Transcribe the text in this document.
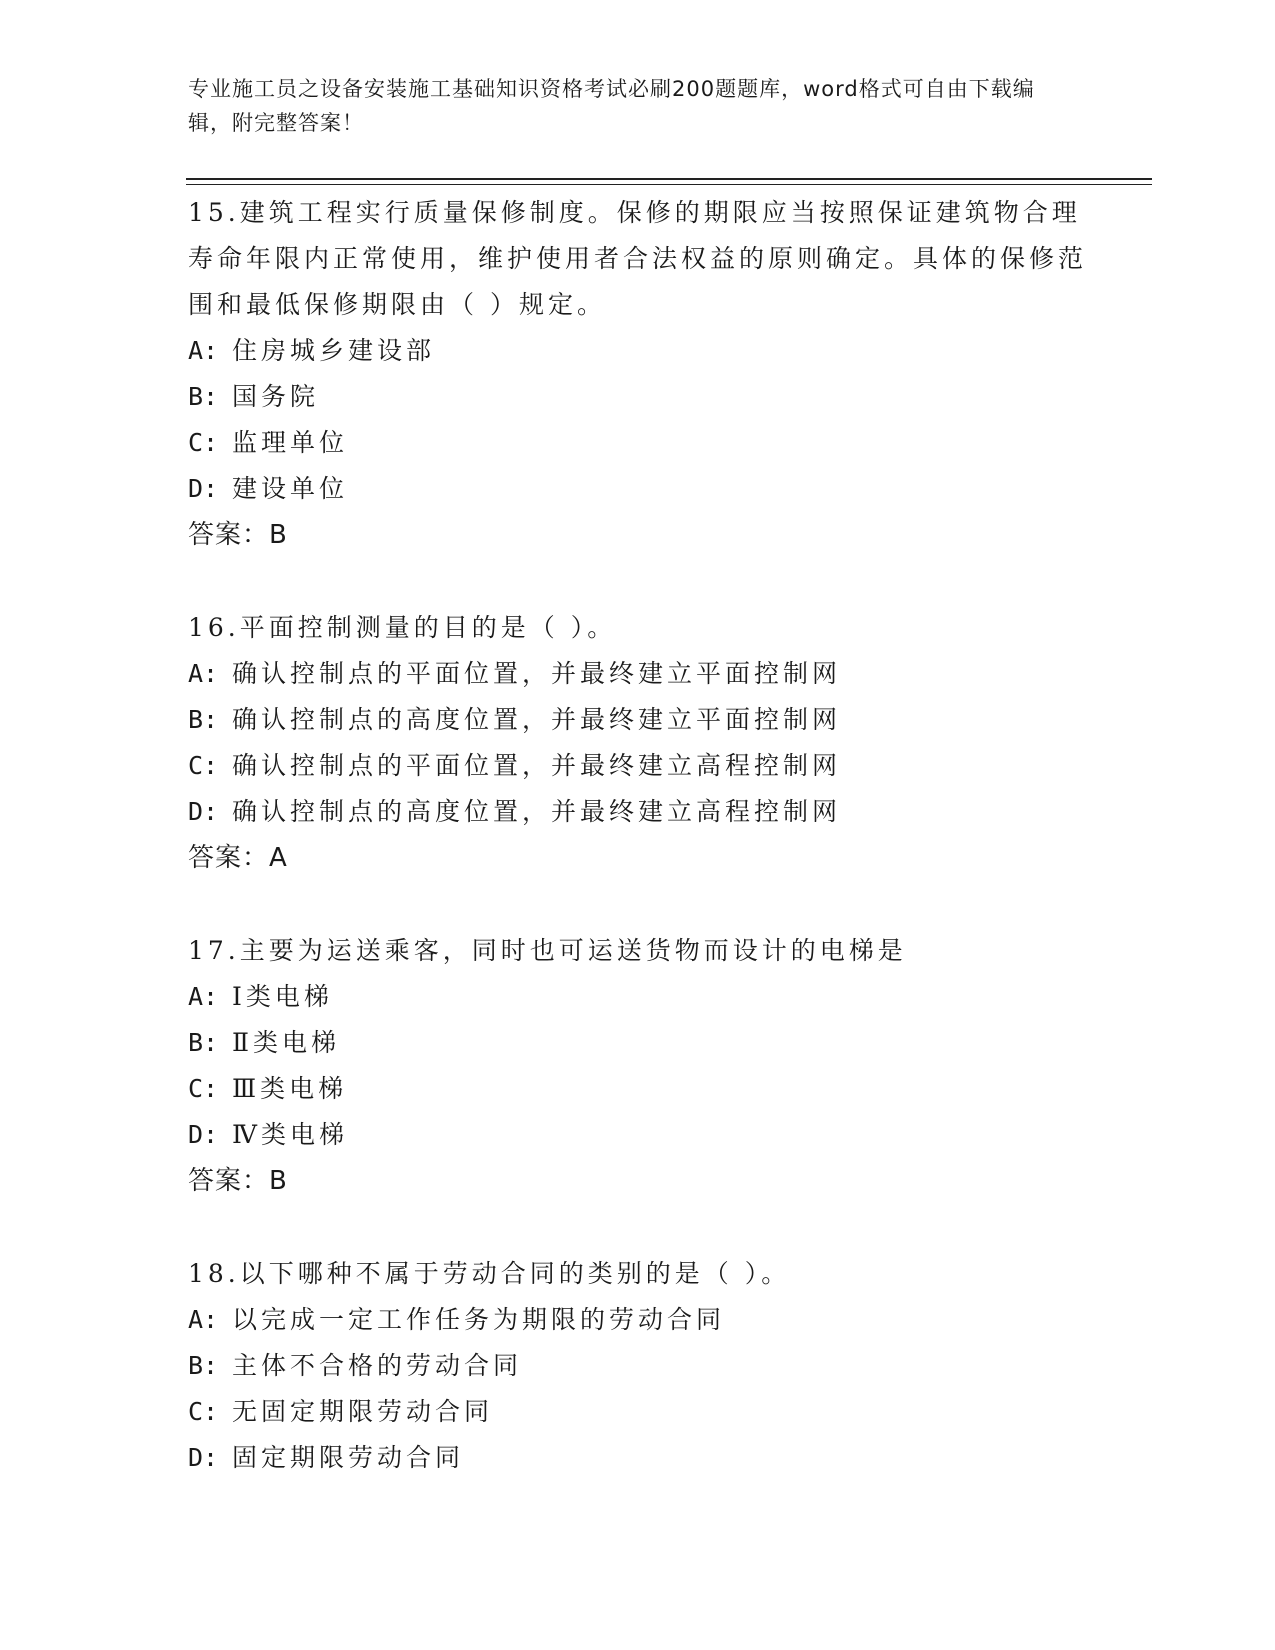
专业施工员之设备安装施工基础知识资格考试必刷200题题库，word格式可自由下载编辑，附完整答案！
15.建筑工程实行质量保修制度。保修的期限应当按照保证建筑物合理寿命年限内正常使用，维护使用者合法权益的原则确定。具体的保修范围和最低保修期限由（ ）规定。
A: 住房城乡建设部
B: 国务院
C: 监理单位
D: 建设单位
答案：B
16.平面控制测量的目的是（ ）。
A: 确认控制点的平面位置，并最终建立平面控制网
B: 确认控制点的高度位置，并最终建立平面控制网
C: 确认控制点的平面位置，并最终建立高程控制网
D: 确认控制点的高度位置，并最终建立高程控制网
答案：A
17.主要为运送乘客，同时也可运送货物而设计的电梯是
A: Ⅰ类电梯
B: Ⅱ类电梯
C: Ⅲ类电梯
D: Ⅳ类电梯
答案：B
18.以下哪种不属于劳动合同的类别的是（ ）。
A: 以完成一定工作任务为期限的劳动合同
B: 主体不合格的劳动合同
C: 无固定期限劳动合同
D: 固定期限劳动合同
